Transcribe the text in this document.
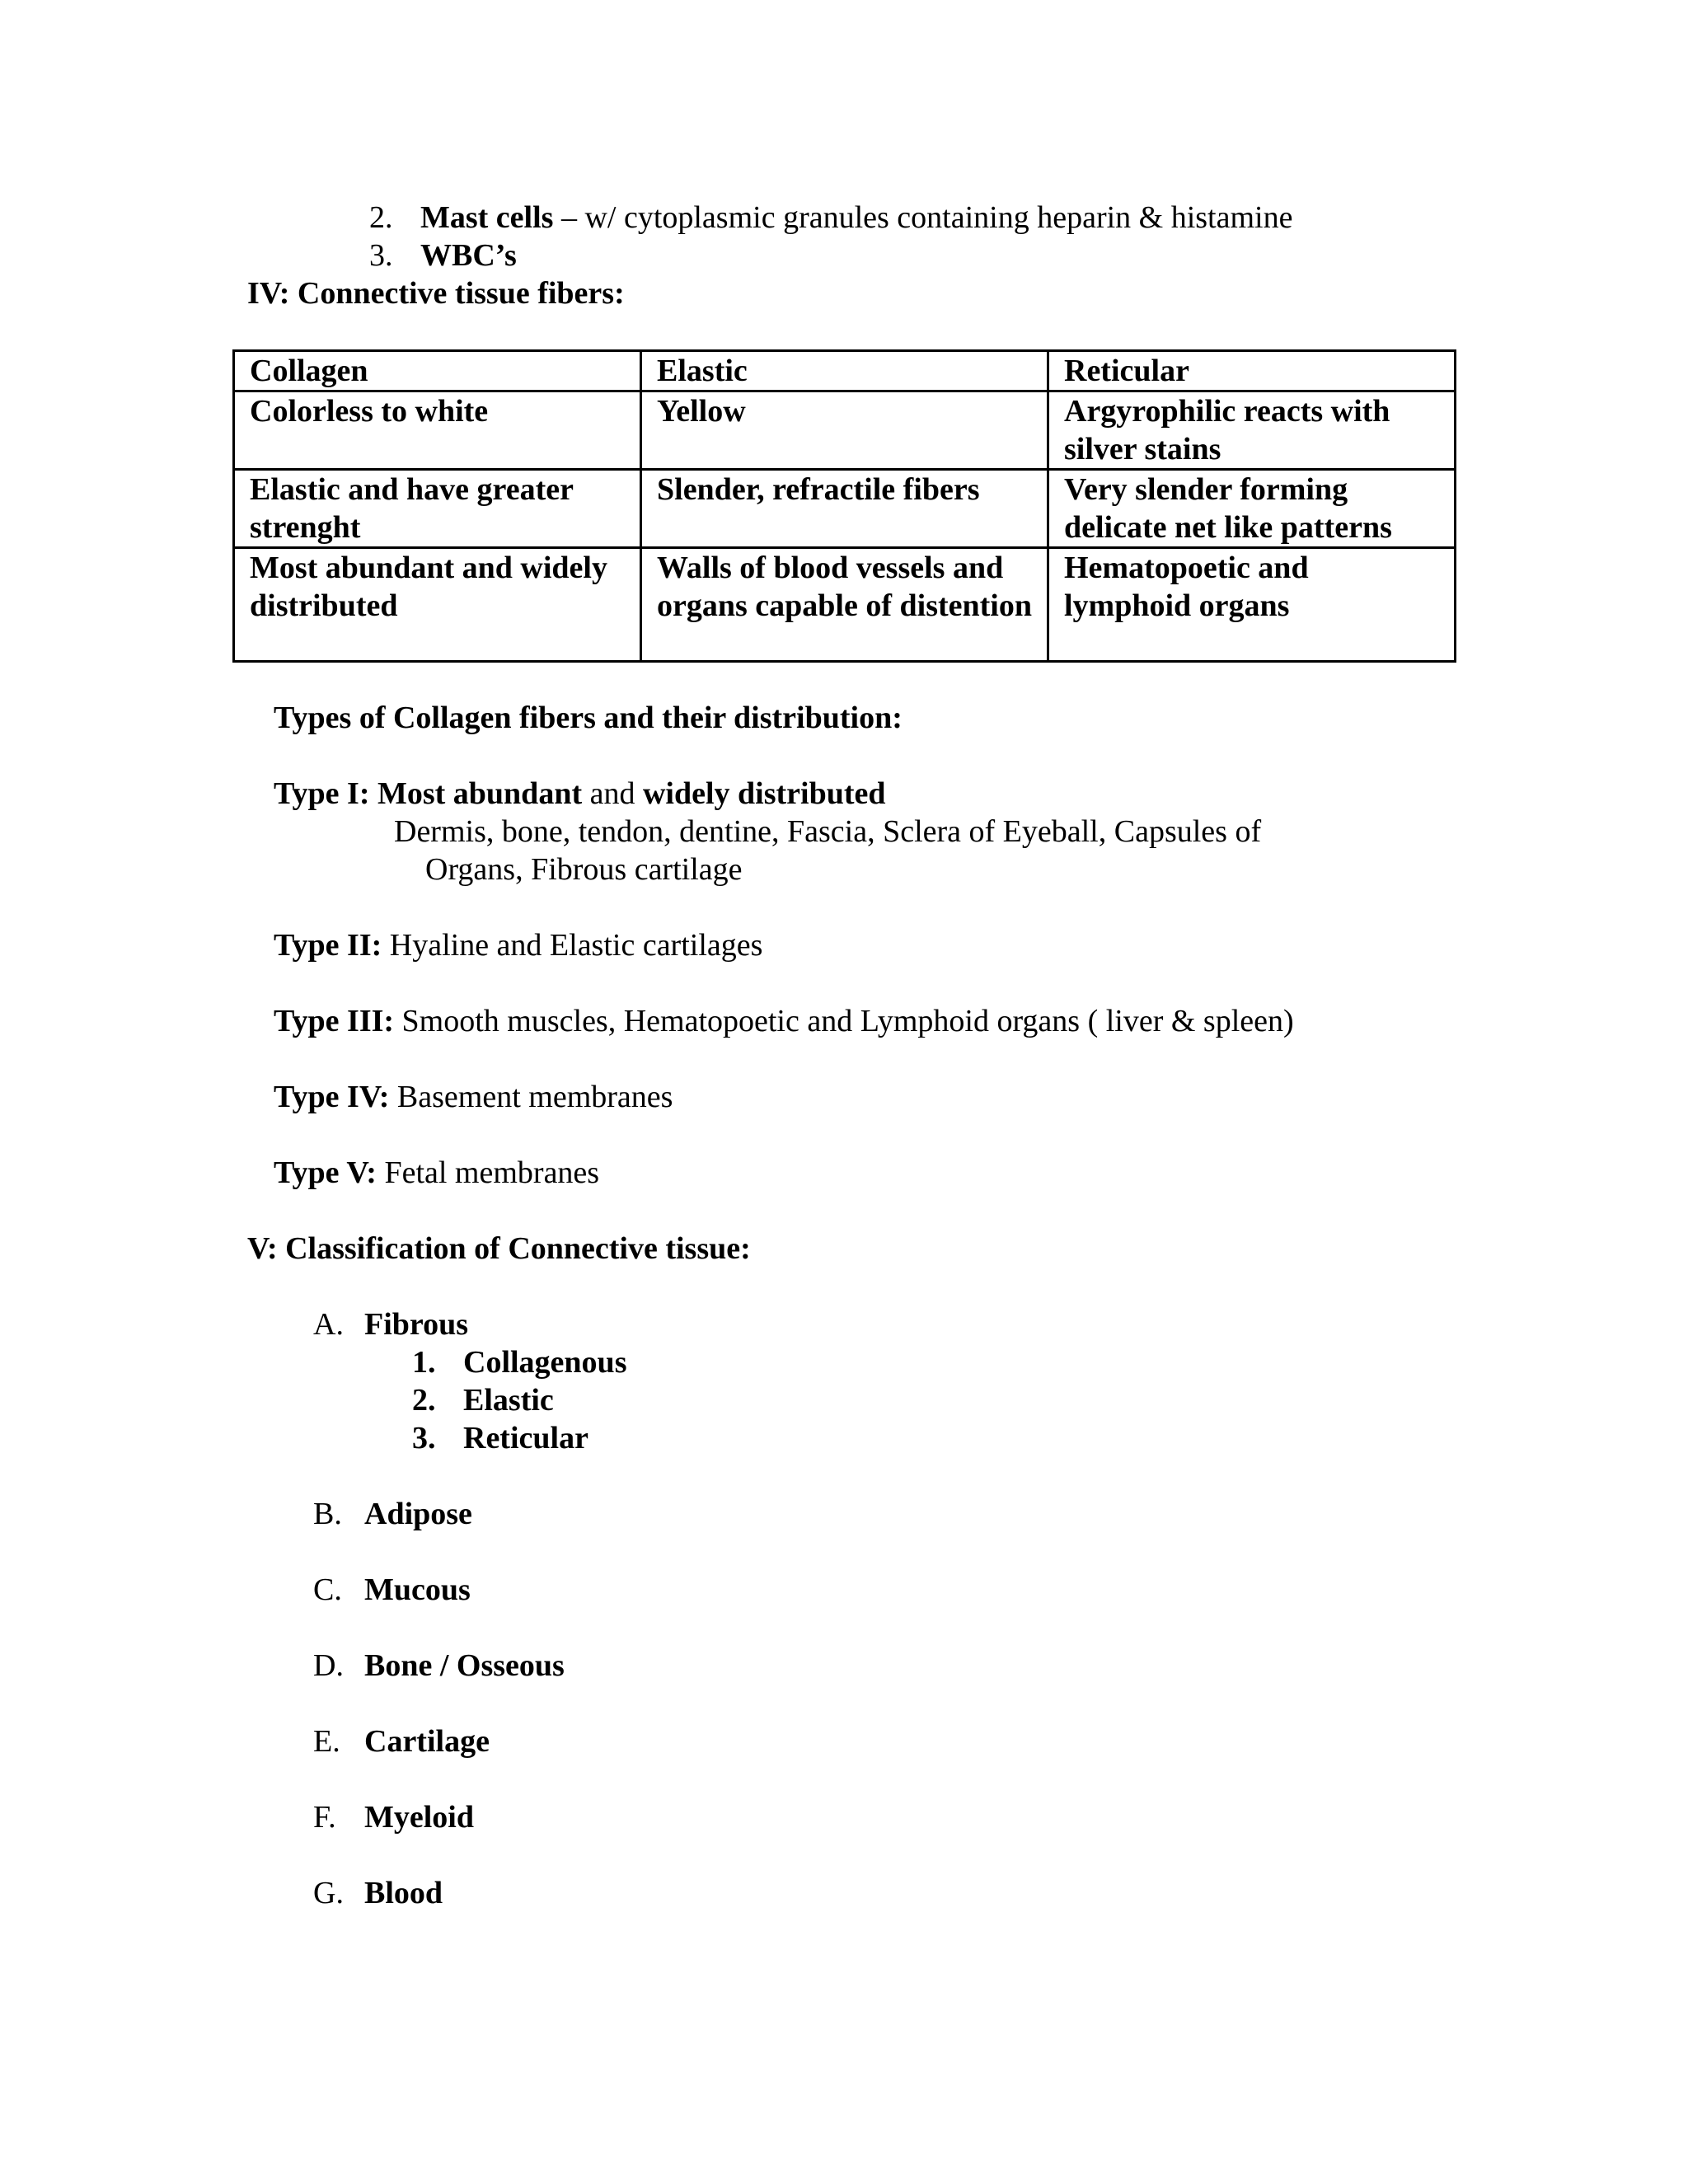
2. Mast cells – w/ cytoplasmic granules containing heparin & histamine
3. WBC’s
IV: Connective tissue fibers:
Collagen	Elastic	Reticular
Colorless to white	Yellow	Argyrophilic reacts with silver stains
Elastic and have greater strenght	Slender, refractile fibers	Very slender forming delicate net like patterns
Most abundant and widely distributed	Walls of blood vessels and organs capable of distention	Hematopoetic and lymphoid organs
Types of Collagen fibers and their distribution:
Type I: Most abundant and widely distributed
Dermis, bone, tendon, dentine, Fascia, Sclera of Eyeball, Capsules of
Organs, Fibrous cartilage
Type II: Hyaline and Elastic cartilages
Type III: Smooth muscles, Hematopoetic and Lymphoid organs ( liver & spleen)
Type IV: Basement membranes
Type V: Fetal membranes
V: Classification of Connective tissue:
A. Fibrous
1. Collagenous
2. Elastic
3. Reticular
B. Adipose
C. Mucous
D. Bone / Osseous
E. Cartilage
F. Myeloid
G. Blood
